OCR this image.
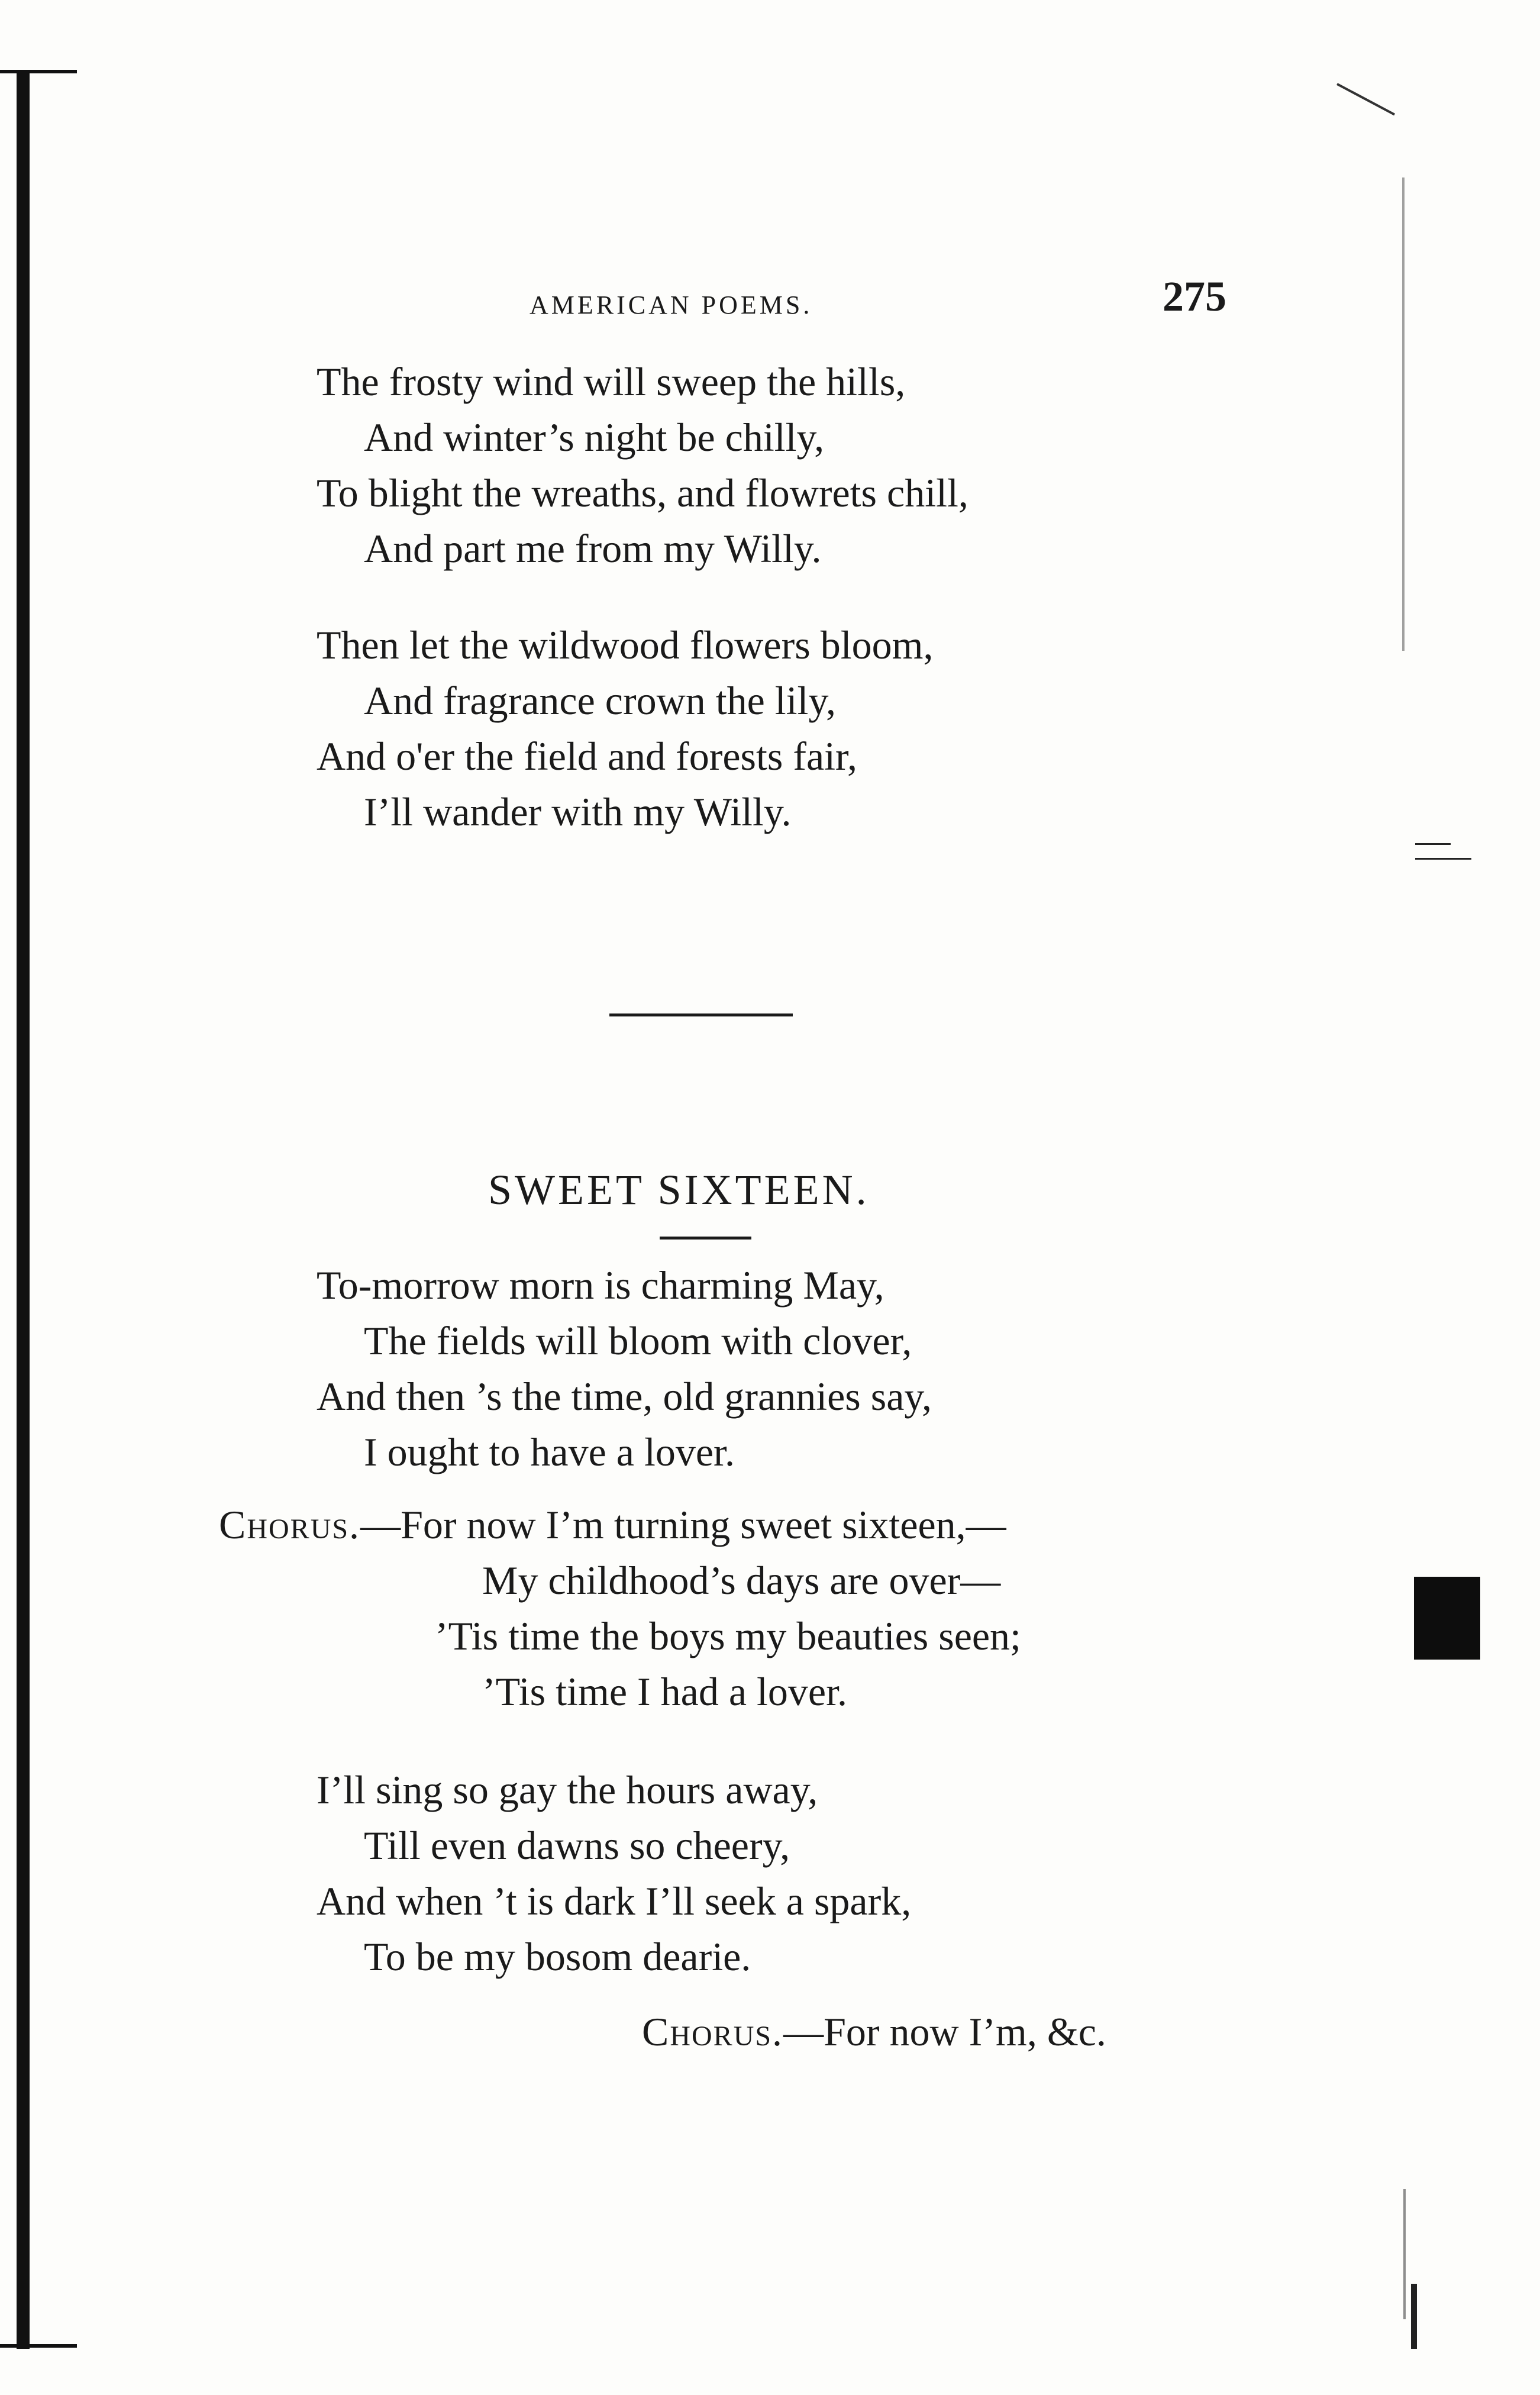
AMERICAN POEMS.	275
The frosty wind will sweep the hills,
And winter’s night be chilly,
To blight the wreaths, and flowrets chill,
And part me from my Willy.
Then let the wildwood flowers bloom,
And fragrance crown the lily,
And o'er the field and forests fair,
I’ll wander with my Willy.
SWEET SIXTEEN.
To-morrow morn is charming May,
The fields will bloom with clover,
And then ’s the time, old grannies say,
I ought to have a lover.
Chorus.—For now I’m turning sweet sixteen,—
My childhood’s days are over—
’Tis time the boys my beauties seen;
’Tis time I had a lover.
I’ll sing so gay the hours away,
Till even dawns so cheery,
And when ’t is dark I’ll seek a spark,
To be my bosom dearie.
Chorus.—For now I’m, &c.
